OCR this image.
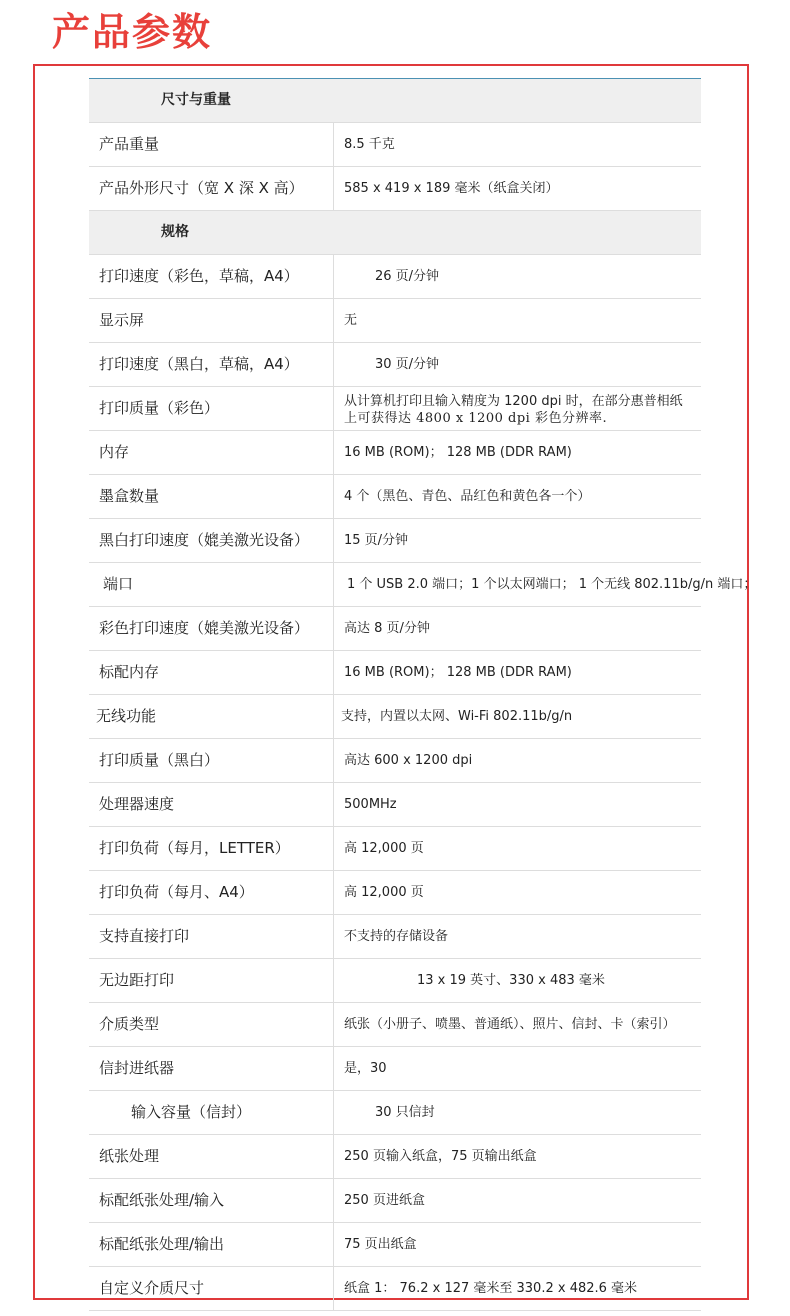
产品参数
尺寸与重量
产品重量	8.5 千克
产品外形尺寸（宽 X 深 X 高）	585 x 419 x 189 毫米（纸盒关闭）
规格
打印速度（彩色，草稿，A4）	26 页/分钟
显示屏	无
打印速度（黑白，草稿，A4）	30 页/分钟
打印质量（彩色）	从计算机打印且输入精度为 1200 dpi 时，在部分惠普相纸
上可获得达 4800 x 1200 dpi 彩色分辨率.
内存	16 MB (ROM)； 128 MB (DDR RAM)
墨盒数量	4 个（黑色、青色、品红色和黄色各一个）
黑白打印速度（媲美激光设备）	15 页/分钟
端口	1 个 USB 2.0 端口；1 个以太网端口； 1 个无线 802.11b/g/n 端口；
彩色打印速度（媲美激光设备）	高达 8 页/分钟
标配内存	16 MB (ROM)； 128 MB (DDR RAM)
无线功能	支持，内置以太网、Wi-Fi 802.11b/g/n
打印质量（黑白）	高达 600 x 1200 dpi
处理器速度	500MHz
打印负荷（每月，LETTER）	高 12,000 页
打印负荷（每月、A4）	高 12,000 页
支持直接打印	不支持的存储设备
无边距打印	13 x 19 英寸、330 x 483 毫米
介质类型	纸张（小册子、喷墨、普通纸）、照片、信封、卡（索引）
信封进纸器	是，30
输入容量（信封）	30 只信封
纸张处理	250 页输入纸盒，75 页输出纸盒
标配纸张处理/输入	250 页进纸盒
标配纸张处理/输出	75 页出纸盒
自定义介质尺寸	纸盒 1： 76.2 x 127 毫米至 330.2 x 482.6 毫米
